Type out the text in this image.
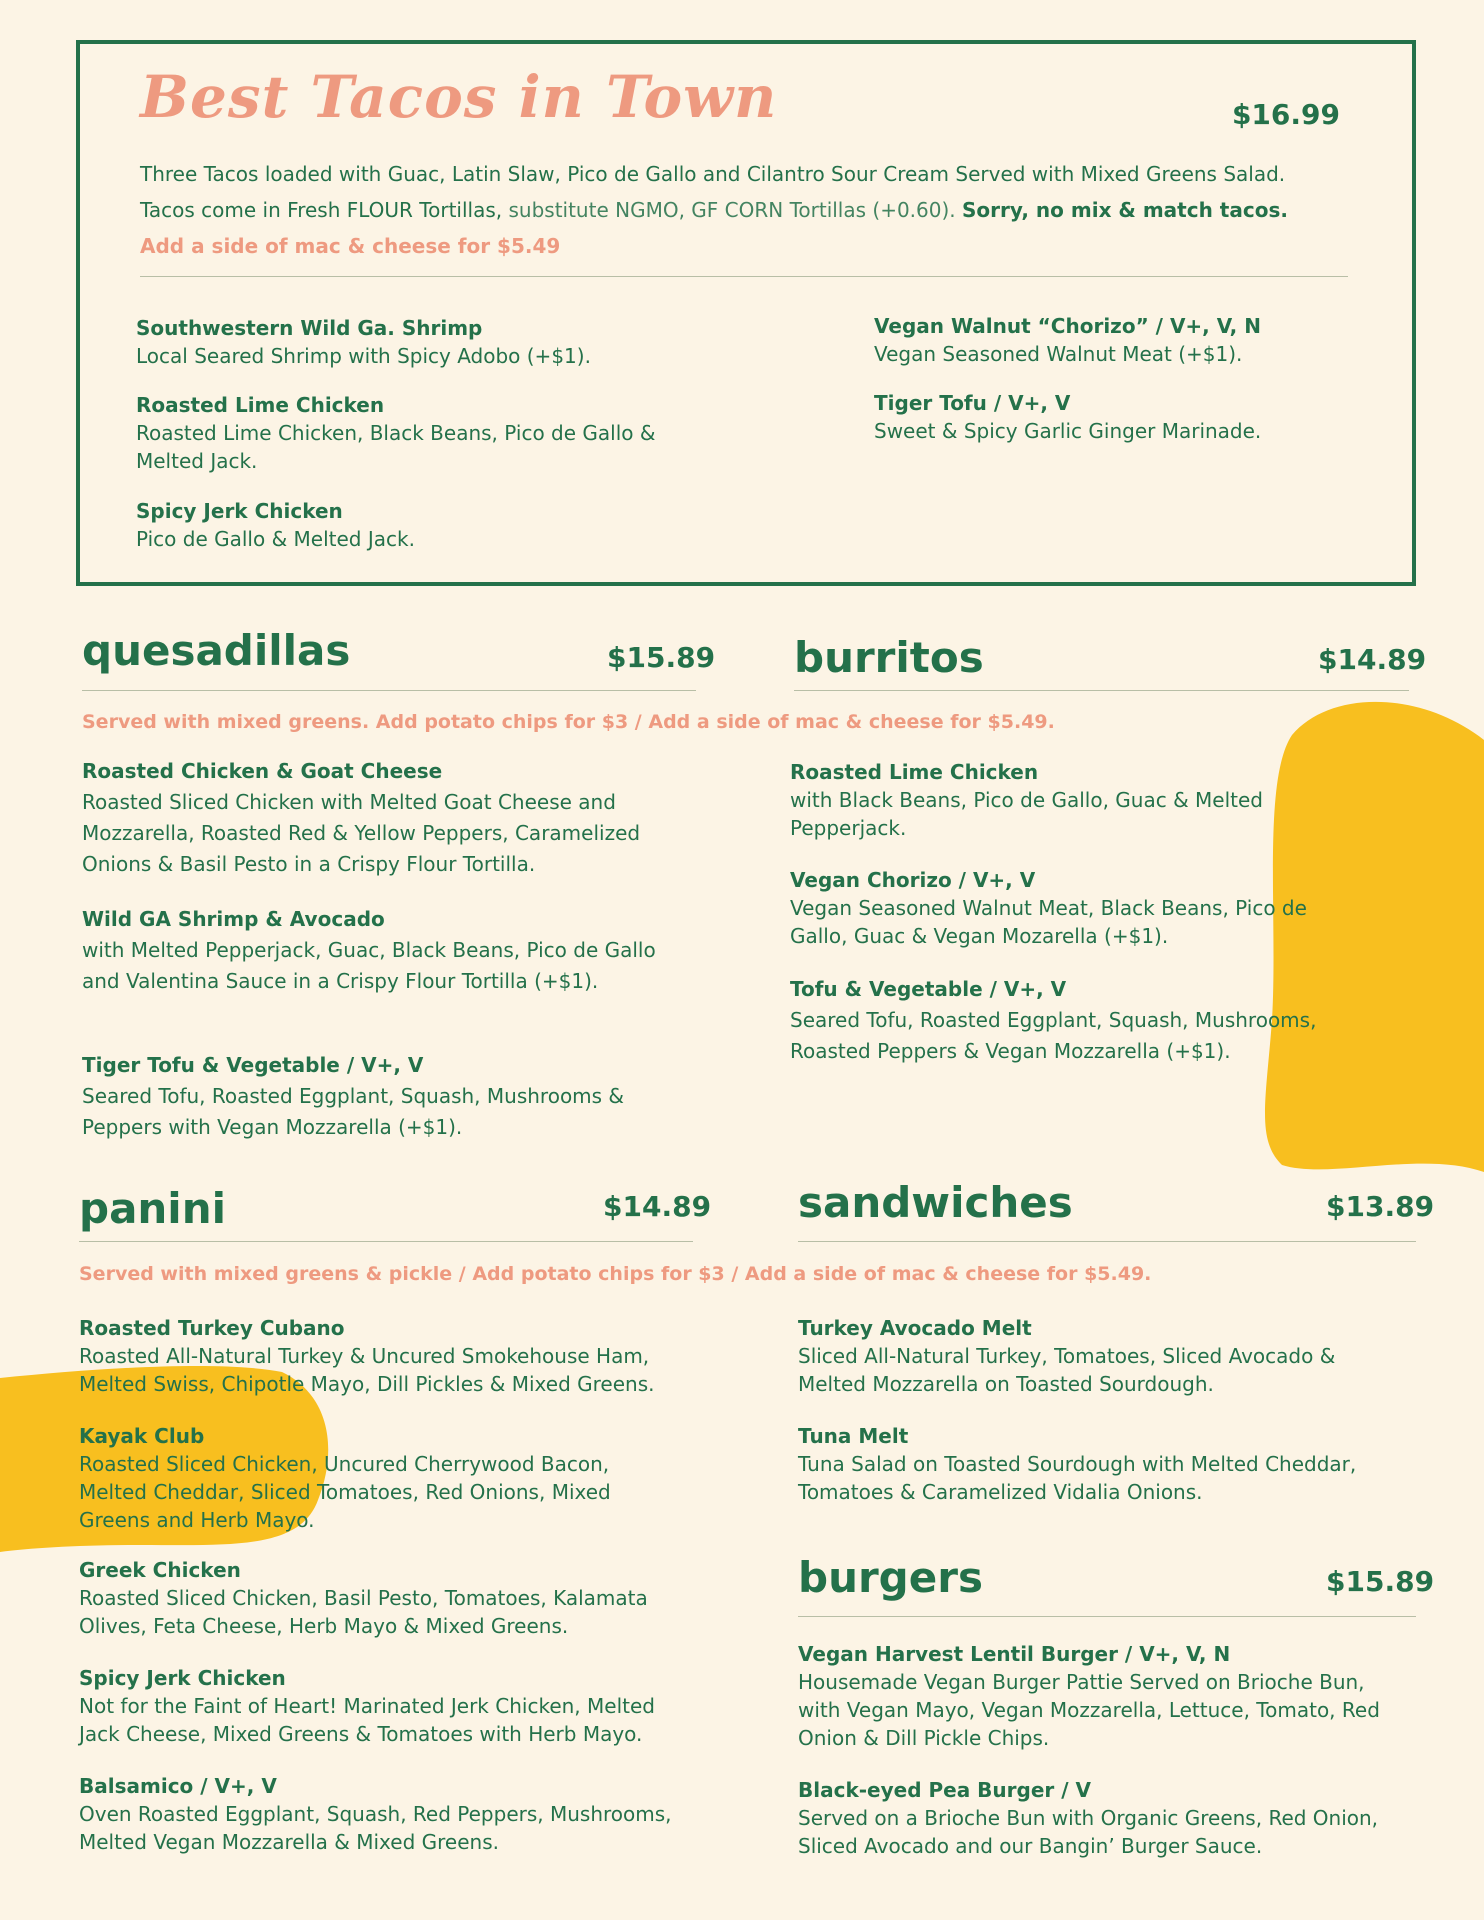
Best Tacos in Town	$16.99

Three Tacos loaded with Guac, Latin Slaw, Pico de Gallo and Cilantro Sour Cream Served with Mixed Greens Salad.

Tacos come in Fresh FLOUR Tortillas, substitute NGMO, GF CORN Tortillas (+0.60). Sorry, no mix & match tacos.

Add a side of mac & cheese for $5.49

Southwestern Wild Ga. Shrimp
Local Seared Shrimp with Spicy Adobo (+$1).
Roasted Lime Chicken
Roasted Lime Chicken, Black Beans, Pico de Gallo & Melted Jack.
Spicy Jerk Chicken
Pico de Gallo & Melted Jack.
Vegan Walnut “Chorizo” / V+, V, N
Vegan Seasoned Walnut Meat (+$1).
Tiger Tofu / V+, V
Sweet & Spicy Garlic Ginger Marinade.
quesadillas	$15.89 burritos	$14.89
Served with mixed greens. Add potato chips for $3 / Add a side of mac & cheese for $5.49.
Roasted Chicken & Goat Cheese
Roasted Sliced Chicken with Melted Goat Cheese and Mozzarella, Roasted Red & Yellow Peppers, Caramelized Onions & Basil Pesto in a Crispy Flour Tortilla.
Wild GA Shrimp & Avocado
with Melted Pepperjack, Guac, Black Beans, Pico de Gallo and Valentina Sauce in a Crispy Flour Tortilla (+$1).
Tiger Tofu & Vegetable / V+, V
Seared Tofu, Roasted Eggplant, Squash, Mushrooms & Peppers with Vegan Mozzarella (+$1).
Roasted Lime Chicken
with Black Beans, Pico de Gallo, Guac & Melted Pepperjack.
Vegan Chorizo / V+, V
Vegan Seasoned Walnut Meat, Black Beans, Pico de Gallo, Guac & Vegan Mozarella (+$1).
Tofu & Vegetable / V+, V
Seared Tofu, Roasted Eggplant, Squash, Mushrooms, Roasted Peppers & Vegan Mozzarella (+$1).
panini	$14.89 sandwiches	$13.89
Served with mixed greens & pickle / Add potato chips for $3 / Add a side of mac & cheese for $5.49.
Roasted Turkey Cubano
Roasted All-Natural Turkey & Uncured Smokehouse Ham, Melted Swiss, Chipotle Mayo, Dill Pickles & Mixed Greens.
Kayak Club
Roasted Sliced Chicken, Uncured Cherrywood Bacon, Melted Cheddar, Sliced Tomatoes, Red Onions, Mixed Greens and Herb Mayo.
Greek Chicken
Roasted Sliced Chicken, Basil Pesto, Tomatoes, Kalamata Olives, Feta Cheese, Herb Mayo & Mixed Greens.
Spicy Jerk Chicken
Not for the Faint of Heart! Marinated Jerk Chicken, Melted Jack Cheese, Mixed Greens & Tomatoes with Herb Mayo.
Balsamico / V+, V
Oven Roasted Eggplant, Squash, Red Peppers, Mushrooms, Melted Vegan Mozzarella & Mixed Greens.
Turkey Avocado Melt
Sliced All-Natural Turkey, Tomatoes, Sliced Avocado & Melted Mozzarella on Toasted Sourdough.
Tuna Melt
Tuna Salad on Toasted Sourdough with Melted Cheddar, Tomatoes & Caramelized Vidalia Onions.
burgers	$15.89
Vegan Harvest Lentil Burger / V+, V, N
Housemade Vegan Burger Pattie Served on Brioche Bun, with Vegan Mayo, Vegan Mozzarella, Lettuce, Tomato, Red Onion & Dill Pickle Chips.
Black-eyed Pea Burger / V
Served on a Brioche Bun with Organic Greens, Red Onion, Sliced Avocado and our Bangin’ Burger Sauce.
